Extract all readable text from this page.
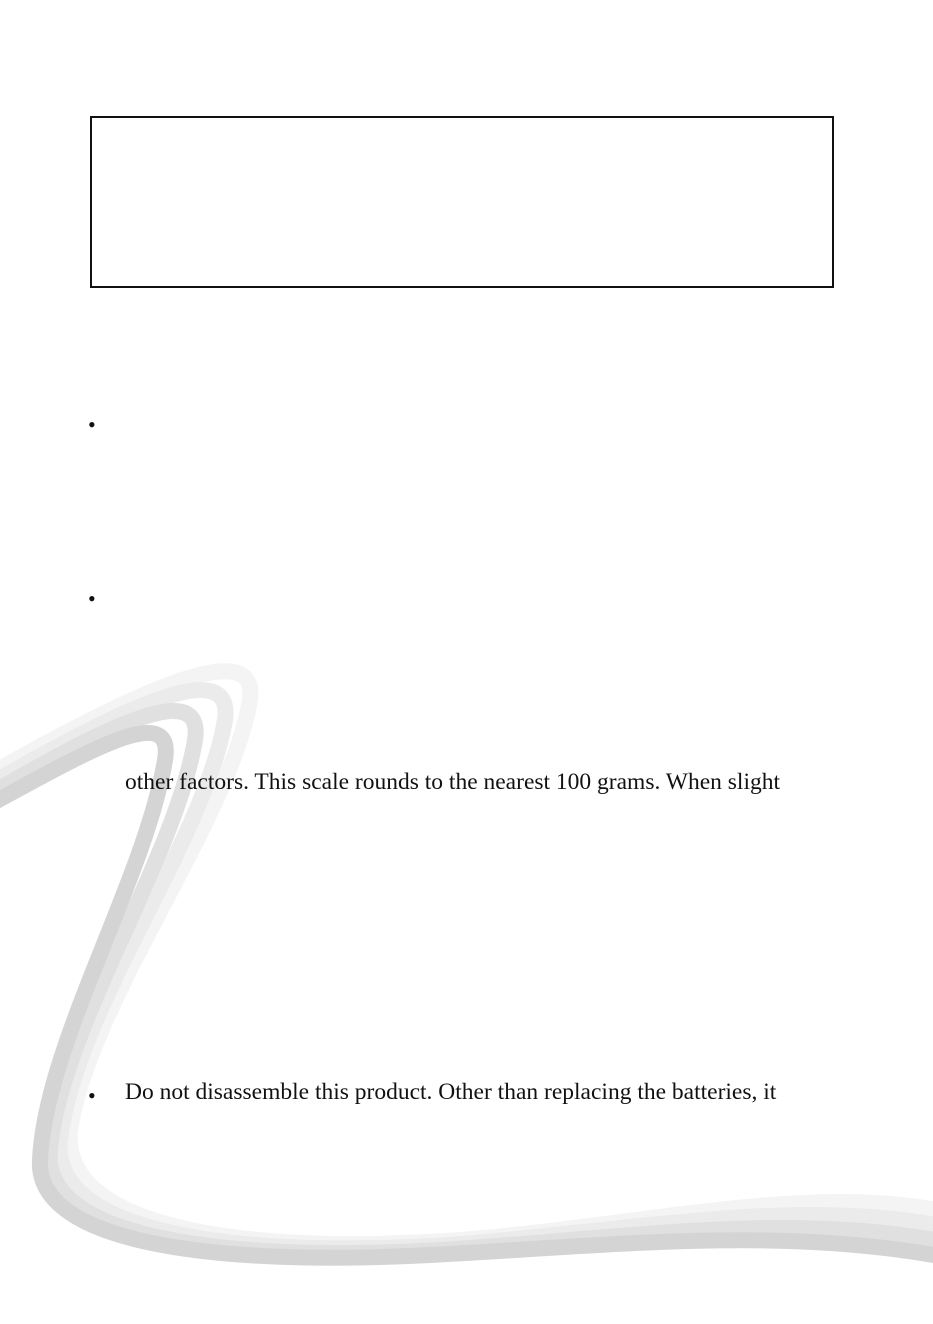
•
•
other factors. This scale rounds to the nearest 100 grams. When slight
• Do not disassemble this product. Other than replacing the batteries, it
